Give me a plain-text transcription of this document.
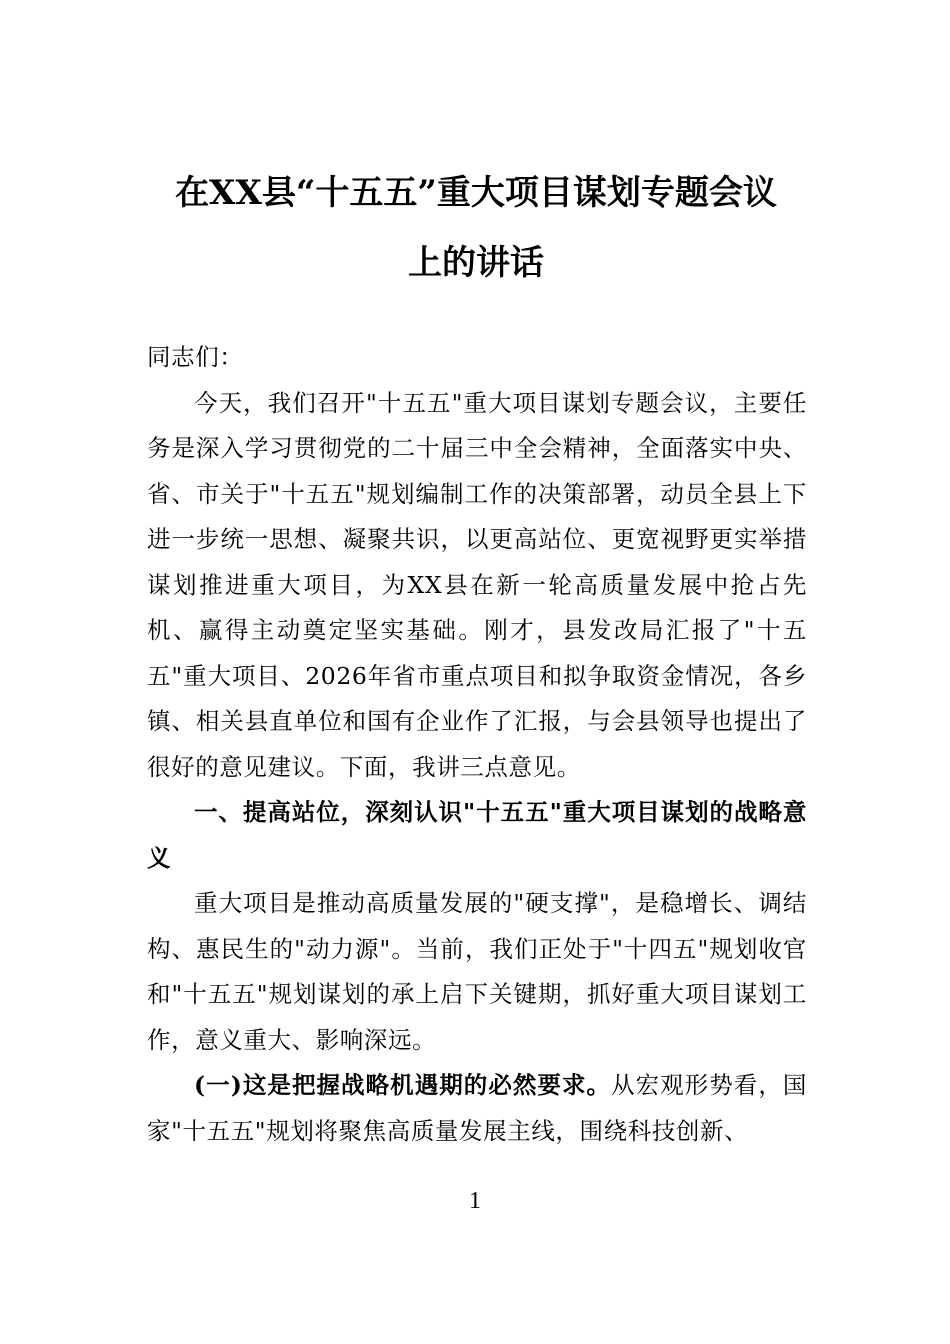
在XX县“十五五”重大项目谋划专题会议
上的讲话

同志们：

今天，我们召开"十五五"重大项目谋划专题会议，主要任务是深入学习贯彻党的二十届三中全会精神，全面落实中央、省、市关于"十五五"规划编制工作的决策部署，动员全县上下进一步统一思想、凝聚共识，以更高站位、更宽视野更实举措谋划推进重大项目，为XX县在新一轮高质量发展中抢占先机、赢得主动奠定坚实基础。刚才，县发改局汇报了"十五五"重大项目、2026年省市重点项目和拟争取资金情况，各乡镇、相关县直单位和国有企业作了汇报，与会县领导也提出了很好的意见建议。下面，我讲三点意见。

一、提高站位，深刻认识"十五五"重大项目谋划的战略意义

重大项目是推动高质量发展的"硬支撑"，是稳增长、调结构、惠民生的"动力源"。当前，我们正处于"十四五"规划收官和"十五五"规划谋划的承上启下关键期，抓好重大项目谋划工作，意义重大、影响深远。

(一)这是把握战略机遇期的必然要求。从宏观形势看，国家"十五五"规划将聚焦高质量发展主线，围绕科技创新、

1
